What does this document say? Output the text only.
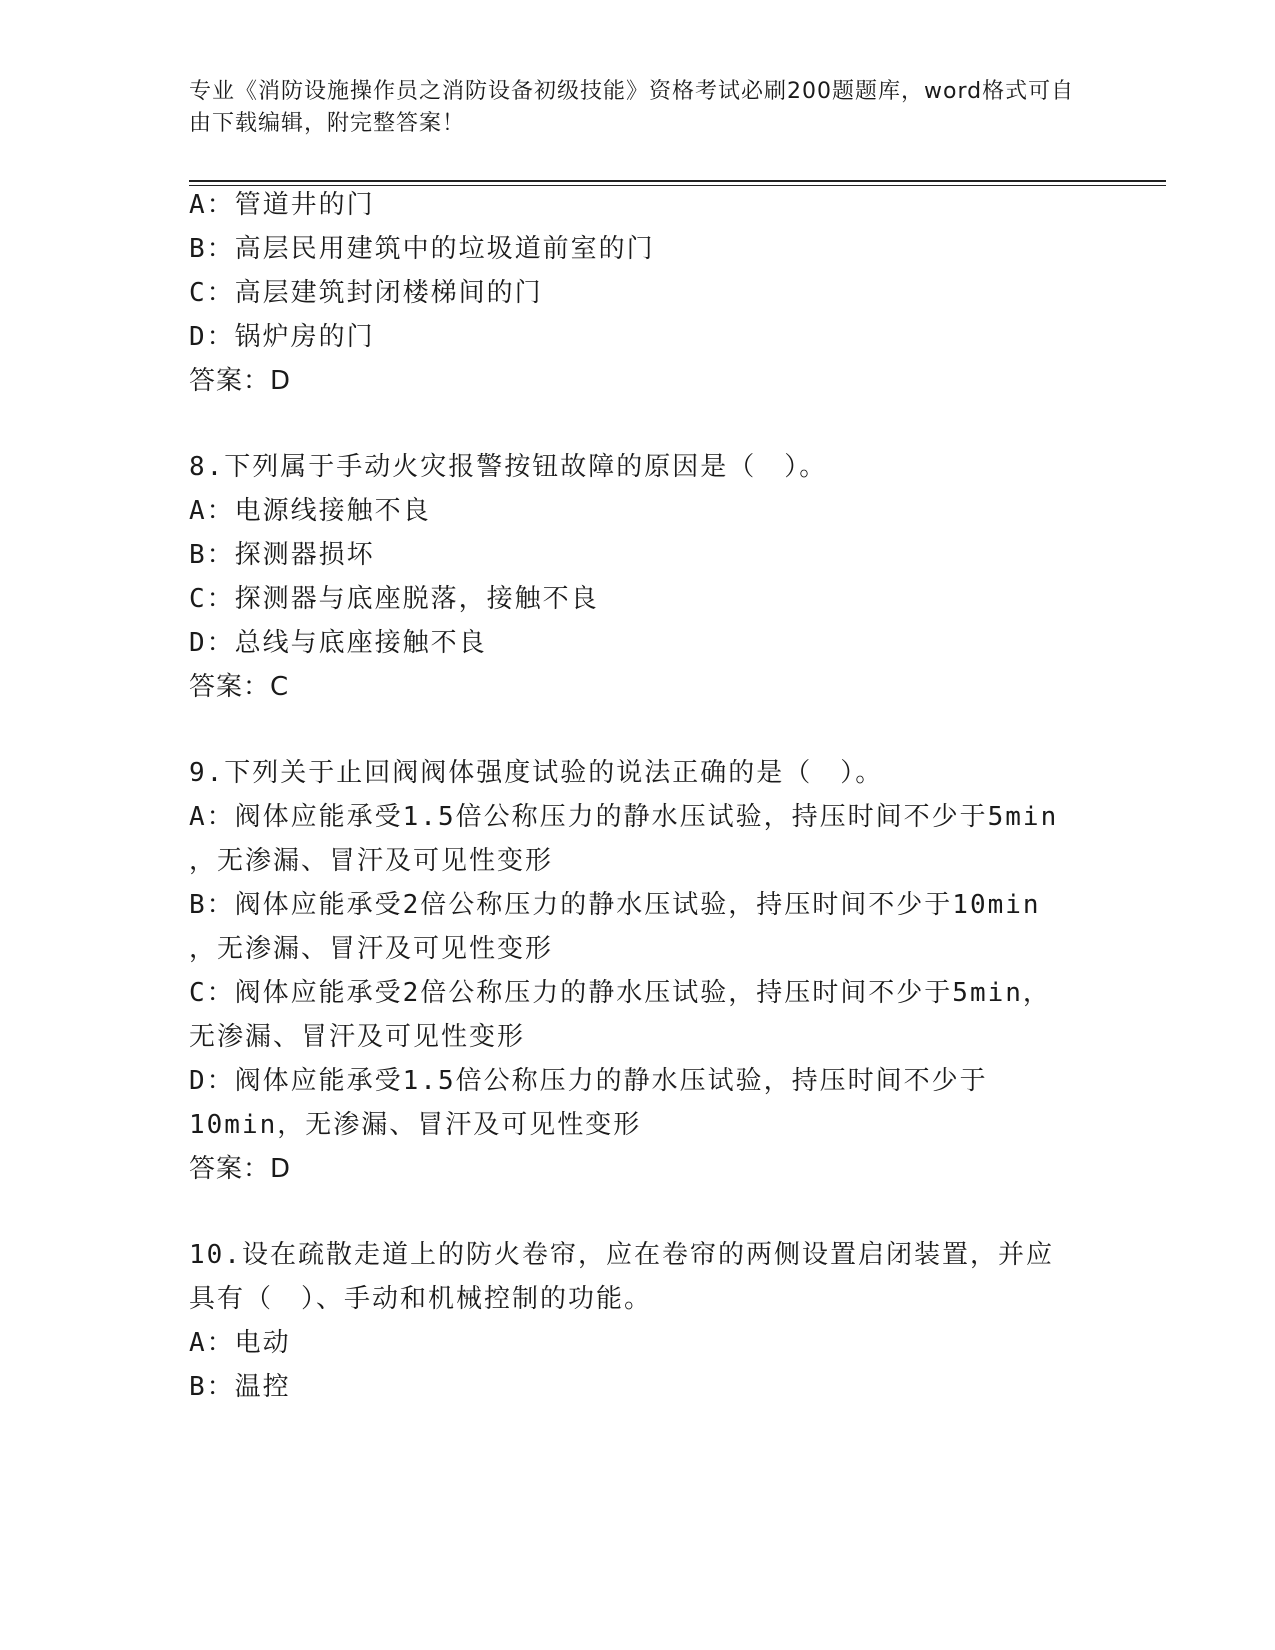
专业《消防设施操作员之消防设备初级技能》资格考试必刷200题题库，word格式可自由下载编辑，附完整答案！
A：管道井的门
B：高层民用建筑中的垃圾道前室的门
C：高层建筑封闭楼梯间的门
D：锅炉房的门
答案：D
8.下列属于手动火灾报警按钮故障的原因是（　）。
A：电源线接触不良
B：探测器损坏
C：探测器与底座脱落，接触不良
D：总线与底座接触不良
答案：C
9.下列关于止回阀阀体强度试验的说法正确的是（　）。
A：阀体应能承受1.5倍公称压力的静水压试验，持压时间不少于5min
，无渗漏、冒汗及可见性变形
B：阀体应能承受2倍公称压力的静水压试验，持压时间不少于10min
，无渗漏、冒汗及可见性变形
C：阀体应能承受2倍公称压力的静水压试验，持压时间不少于5min，
无渗漏、冒汗及可见性变形
D：阀体应能承受1.5倍公称压力的静水压试验，持压时间不少于
10min，无渗漏、冒汗及可见性变形
答案：D
10.设在疏散走道上的防火卷帘，应在卷帘的两侧设置启闭装置，并应
具有（　）、手动和机械控制的功能。
A：电动
B：温控
